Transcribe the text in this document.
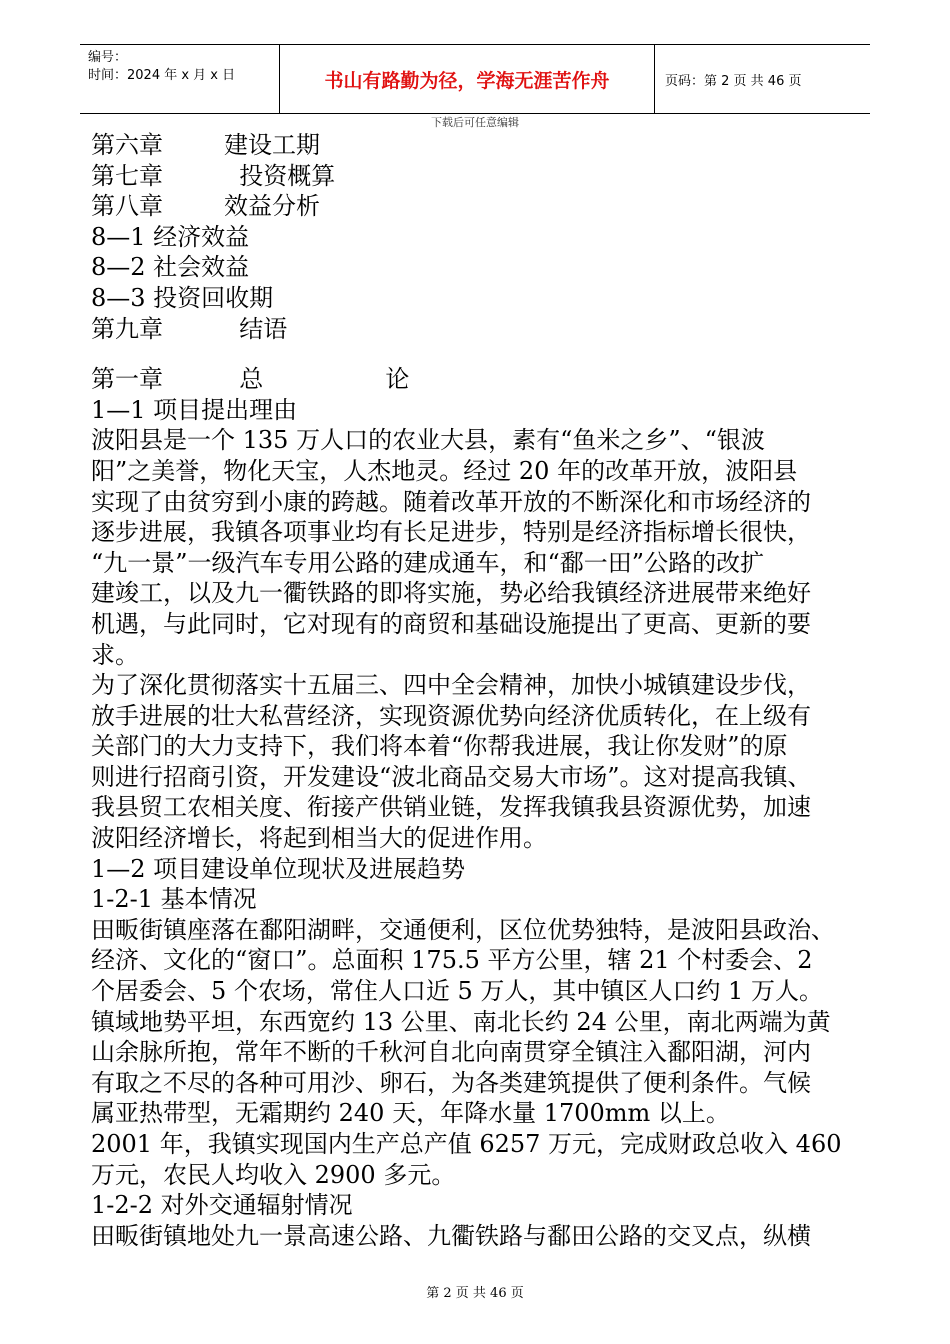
编号：
时间：2024 年 x 月 x 日	书山有路勤为径，学海无涯苦作舟	页码：第 2 页 共 46 页
下载后可任意编辑
第六章        建设工期
第七章          投资概算
第八章        效益分析
8—1 经济效益
8—2 社会效益
8—3 投资回收期
第九章          结语
第一章          总                论
1—1 项目提出理由
波阳县是一个 135 万人口的农业大县，素有“鱼米之乡”、“银波
阳”之美誉，物化天宝，人杰地灵。经过 20 年的改革开放，波阳县
实现了由贫穷到小康的跨越。随着改革开放的不断深化和市场经济的
逐步进展，我镇各项事业均有长足进步，特别是经济指标增长很快，
“九一景”一级汽车专用公路的建成通车，和“鄱一田”公路的改扩
建竣工，以及九一衢铁路的即将实施，势必给我镇经济进展带来绝好
机遇，与此同时，它对现有的商贸和基础设施提出了更高、更新的要
求。
为了深化贯彻落实十五届三、四中全会精神，加快小城镇建设步伐，
放手进展的壮大私营经济，实现资源优势向经济优质转化，在上级有
关部门的大力支持下，我们将本着“你帮我进展，我让你发财”的原
则进行招商引资，开发建设“波北商品交易大市场”。这对提高我镇、
我县贸工农相关度、衔接产供销业链，发挥我镇我县资源优势，加速
波阳经济增长，将起到相当大的促进作用。
1—2 项目建设单位现状及进展趋势
1-2-1 基本情况
田畈街镇座落在鄱阳湖畔，交通便利，区位优势独特，是波阳县政治、
经济、文化的“窗口”。总面积 175.5 平方公里，辖 21 个村委会、2
个居委会、5 个农场，常住人口近 5 万人，其中镇区人口约 1 万人。
镇域地势平坦，东西宽约 13 公里、南北长约 24 公里，南北两端为黄
山余脉所抱，常年不断的千秋河自北向南贯穿全镇注入鄱阳湖，河内
有取之不尽的各种可用沙、卵石，为各类建筑提供了便利条件。气候
属亚热带型，无霜期约 240 天，年降水量 1700mm 以上。
2001 年，我镇实现国内生产总产值 6257 万元，完成财政总收入 460
万元，农民人均收入 2900 多元。
1-2-2 对外交通辐射情况
田畈街镇地处九一景高速公路、九衢铁路与鄱田公路的交叉点，纵横
第 2 页 共 46 页
